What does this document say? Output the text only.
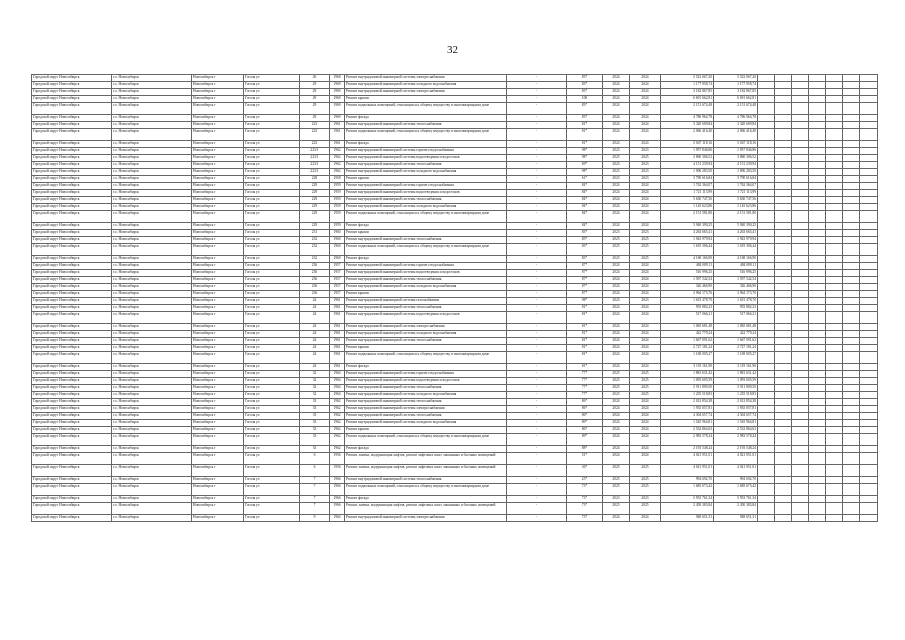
32
Городской округ Новосибирск	г.о. Новосибирск	Новосибирск г	Гоголя ул	26	1968	Ремонт внутридомовой инженерной системы электроснабжения	-	83*	2024	2024	5 523 067,20	5 523 067,20							
Городской округ Новосибирск	г.о. Новосибирск	Новосибирск г	Гоголя ул	29	1969	Ремонт внутридомовой инженерной системы холодного водоснабжения	-	83*	2024	2024	1 177 958,74	1 177 958,74							
Городской округ Новосибирск	г.о. Новосибирск	Новосибирск г	Гоголя ул	29	1969	Ремонт внутридомовой инженерной системы электроснабжения	-	83*	2024	2024	3 182 867,85	3 182 867,85							
Городской округ Новосибирск	г.о. Новосибирск	Новосибирск г	Гоголя ул	29	1969	Ремонт крыши	-	100	2024	2024	6 691 662,81	6 691 662,81							
Городской округ Новосибирск	г.о. Новосибирск	Новосибирск г	Гоголя ул	29	1969	Ремонт подвальных помещений, относящихся к общему имуществу в многоквартирном доме	-	83*	2024	2024	2 151 674,48	2 151 674,48							
Городской округ Новосибирск	г.о. Новосибирск	Новосибирск г	Гоголя ул	29	1969	Ремонт фасада	-	83*	2024	2024	4 786 964,78	4 786 964,78							
Городской округ Новосибирск	г.о. Новосибирск	Новосибирск г	Гоголя ул	223	1961	Ремонт внутридомовой инженерной системы теплоснабжения	-	81*	2024	2024	3 320 609,84	3 320 609,84							
Городской округ Новосибирск	г.о. Новосибирск	Новосибирск г	Гоголя ул	223	1961	Ремонт подвальных помещений, относящихся к общему имуществу в многоквартирном доме	-	81*	2024	2024	2 066 416,40	2 066 416,40							
Городской округ Новосибирск	г.о. Новосибирск	Новосибирск г	Гоголя ул	223	1961	Ремонт фасада	-	81*	2024	2024	5 047 118,16	5 047 118,16							
Городской округ Новосибирск	г.о. Новосибирск	Новосибирск г	Гоголя ул	223/1	1962	Ремонт внутридомовой инженерной системы горячего водоснабжения	-	98*	2023	2023	1 957 846,86	1 957 846,86							
Городской округ Новосибирск	г.о. Новосибирск	Новосибирск г	Гоголя ул	223/1	1962	Ремонт внутридомовой инженерной системы водоотведения и водостоков	-	98*	2025	2025	3 860 306,52	3 860 306,52							
Городской округ Новосибирск	г.о. Новосибирск	Новосибирск г	Гоголя ул	223/1	1962	Ремонт внутридомовой инженерной системы теплоснабжения	-	69*	2023	2023	4 151 239,94	4 151 239,94							
Городской округ Новосибирск	г.о. Новосибирск	Новосибирск г	Гоголя ул	223/1	1962	Ремонт внутридомовой инженерной системы холодного водоснабжения	-	98*	2023	2023	1 096 283,50	1 096 283,50							
Городской округ Новосибирск	г.о. Новосибирск	Новосибирск г	Гоголя ул	228	1958	Ремонт крыши	-	61*	2023	2023	3 790 616,84	3 790 616,84							
Городской округ Новосибирск	г.о. Новосибирск	Новосибирск г	Гоголя ул	229	1959	Ремонт внутридомовой инженерной системы горячего водоснабжения	-	84*	2024	2024	1 762 364,07	1 762 364,07							
Городской округ Новосибирск	г.о. Новосибирск	Новосибирск г	Гоголя ул	229	1959	Ремонт внутридомовой инженерной системы водоотведения и водостоков	-	84*	2024	2024	1 721 113,99	1 721 113,99							
Городской округ Новосибирск	г.о. Новосибирск	Новосибирск г	Гоголя ул	229	1959	Ремонт внутридомовой инженерной системы теплоснабжения	-	84*	2024	2024	5 630 747,56	5 630 747,56							
Городской округ Новосибирск	г.о. Новосибирск	Новосибирск г	Гоголя ул	229	1959	Ремонт внутридомовой инженерной системы холодного водоснабжения	-	84*	2024	2024	1 145 623,86	1 145 623,86							
Городской округ Новосибирск	г.о. Новосибирск	Новосибирск г	Гоголя ул	229	1959	Ремонт подвальных помещений, относящихся к общему имуществу в многоквартирном доме	-	84*	2024	2024	2 151 581,80	2 151 581,80							
Городской округ Новосибирск	г.о. Новосибирск	Новосибирск г	Гоголя ул	229	1959	Ремонт фасада	-	84*	2024	2024	5 940 390,25	5 940 390,25							
Городской округ Новосибирск	г.о. Новосибирск	Новосибирск г	Гоголя ул	231	1960	Ремонт крыши	-	83*	2023	2023	4 263 665,41	4 263 665,41							
Городской округ Новосибирск	г.о. Новосибирск	Новосибирск г	Гоголя ул	232	1960	Ремонт внутридомовой инженерной системы теплоснабжения	-	85*	2025	2025	1 943 979,94	1 943 979,94							
Городской округ Новосибирск	г.о. Новосибирск	Новосибирск г	Гоголя ул	232	1960	Ремонт подвальных помещений, относящихся к общему имуществу в многоквартирном доме	-	83*	2025	2025	1 619 306,44	1 619 306,44							
Городской округ Новосибирск	г.о. Новосибирск	Новосибирск г	Гоголя ул	232	1960	Ремонт фасада	-	83*	2025	2025	4 168 166,90	4 168 166,90							
Городской округ Новосибирск	г.о. Новосибирск	Новосибирск г	Гоголя ул	236	1957	Ремонт внутридомовой инженерной системы горячего водоснабжения	-	87*	2024	2024	484 089,11	484 089,11							
Городской округ Новосибирск	г.о. Новосибирск	Новосибирск г	Гоголя ул	236	1957	Ремонт внутридомовой инженерной системы водоотведения и водостоков	-	87*	2024	2024	516 996,25	516 996,25							
Городской округ Новосибирск	г.о. Новосибирск	Новосибирск г	Гоголя ул	236	1957	Ремонт внутридомовой инженерной системы теплоснабжения	-	87*	2024	2024	1 597 542,54	1 597 542,54							
Городской округ Новосибирск	г.о. Новосибирск	Новосибирск г	Гоголя ул	236	1957	Ремонт внутридомовой инженерной системы холодного водоснабжения	-	87*	2024	2024	326 466,90	326 466,90							
Городской округ Новосибирск	г.о. Новосибирск	Новосибирск г	Гоголя ул	236	1957	Ремонт крыши	-	87*	2024	2024	3 964 173,76	3 964 173,76							
Городской округ Новосибирск	г.о. Новосибирск	Новосибирск г	Гоголя ул	24	1961	Ремонт внутридомовой инженерной системы газоснабжения	-	98*	2023	2023	1 615 478,70	1 615 478,70							
Городской округ Новосибирск	г.о. Новосибирск	Новосибирск г	Гоголя ул	24	1961	Ремонт внутридомовой инженерной системы теплоснабжения	-	81*	2024	2024	955 882,23	955 882,23							
Городской округ Новосибирск	г.о. Новосибирск	Новосибирск г	Гоголя ул	24	1961	Ремонт внутридомовой инженерной системы водоотведения и водостоков	-	81*	2024	2024	517 066,21	517 066,21							
Городской округ Новосибирск	г.о. Новосибирск	Новосибирск г	Гоголя ул	24	1961	Ремонт внутридомовой инженерной системы электроснабжения	-	81*	2024	2024	1 065 681,48	1 065 681,48							
Городской округ Новосибирск	г.о. Новосибирск	Новосибирск г	Гоголя ул	24	1961	Ремонт внутридомовой инженерной системы холодного водоснабжения	-	81*	2024	2024	422 779,24	422 779,24							
Городской округ Новосибирск	г.о. Новосибирск	Новосибирск г	Гоголя ул	24	1961	Ремонт внутридомовой инженерной системы теплоснабжения	-	81*	2024	2024	1 667 091,62	1 667 091,62							
Городской округ Новосибирск	г.о. Новосибирск	Новосибирск г	Гоголя ул	24	1961	Ремонт крыши	-	81*	2024	2024	2 727 181,24	2 727 181,24							
Городской округ Новосибирск	г.о. Новосибирск	Новосибирск г	Гоголя ул	24	1961	Ремонт подвальных помещений, относящихся к общему имуществу в многоквартирном доме	-	81*	2024	2024	1 169 005,27	1 169 005,27							
Городской округ Новосибирск	г.о. Новосибирск	Новосибирск г	Гоголя ул	24	1961	Ремонт фасада	-	81*	2024	2024	3 119 161,90	3 119 161,90							
Городской округ Новосибирск	г.о. Новосибирск	Новосибирск г	Гоголя ул	32	1964	Ремонт внутридомовой инженерной системы горячего водоснабжения	-	77*	2025	2025	1 881 631,42	1 881 631,42							
Городской округ Новосибирск	г.о. Новосибирск	Новосибирск г	Гоголя ул	32	1964	Ремонт внутридомовой инженерной системы водоотведения и водостоков	-	77*	2025	2025	1 093 605,59	1 093 605,59							
Городской округ Новосибирск	г.о. Новосибирск	Новосибирск г	Гоголя ул	32	1964	Ремонт внутридомовой инженерной системы теплоснабжения	-	77*	2025	2025	5 911 809,50	5 911 809,50							
Городской округ Новосибирск	г.о. Новосибирск	Новосибирск г	Гоголя ул	32	1964	Ремонт внутридомовой инженерной системы холодного водоснабжения	-	77*	2025	2025	1 235 518,83	1 235 518,83							
Городской округ Новосибирск	г.о. Новосибирск	Новосибирск г	Гоголя ул	33	1962	Ремонт внутридомовой инженерной системы теплоснабжения	-	86*	2024	2024	2 012 854,38	2 012 854,38							
Городской округ Новосибирск	г.о. Новосибирск	Новосибирск г	Гоголя ул	33	1962	Ремонт внутридомовой инженерной системы электроснабжения	-	86*	2024	2024	1 935 057,81	1 935 057,81							
Городской округ Новосибирск	г.о. Новосибирск	Новосибирск г	Гоголя ул	33	1962	Ремонт внутридомовой инженерной системы теплоснабжения	-	86*	2024	2024	4 304 657,74	4 304 657,74							
Городской округ Новосибирск	г.о. Новосибирск	Новосибирск г	Гоголя ул	33	1962	Ремонт внутридомовой инженерной системы холодного водоснабжения	-	89*	2024	2024	1 545 964,81	1 545 964,81							
Городской округ Новосибирск	г.о. Новосибирск	Новосибирск г	Гоголя ул	33	1962	Ремонт крыши	-	86*	2024	2024	2 532 864,63	2 532 864,63							
Городской округ Новосибирск	г.о. Новосибирск	Новосибирск г	Гоголя ул	33	1962	Ремонт подвальных помещений, относящихся к общему имуществу в многоквартирном доме	-	89*	2024	2024	2 983 578,24	2 983 578,24							
Городской округ Новосибирск	г.о. Новосибирск	Новосибирск г	Гоголя ул	33	1962	Ремонт фасада	-	88*	2024	2024	2 193 548,24	2 193 548,24							
Городской округ Новосибирск	г.о. Новосибирск	Новосибирск г	Гоголя ул	6	1956	Ремонт, замена, модернизация лифтов, ремонт лифтовых шахт, машинных и блочных помещений	-	51*	2024	2024	4 021 951,01	4 021 951,01							
Городской округ Новосибирск	г.о. Новосибирск	Новосибирск г	Гоголя ул	6	1956	Ремонт, замена, модернизация лифтов, ремонт лифтовых шахт, машинных и блочных помещений	-	36*	2025	2025	4 021 951,01	4 021 951,01							
Городской округ Новосибирск	г.о. Новосибирск	Новосибирск г	Гоголя ул	7	1966	Ремонт внутридомовой инженерной системы теплоснабжения	-	25*	2025	2025	994 692,70	994 692,70							
Городской округ Новосибирск	г.о. Новосибирск	Новосибирск г	Гоголя ул	7	1966	Ремонт подвальных помещений, относящихся к общему имуществу в многоквартирном доме	-	73*	2025	2025	1 685 673,42	1 685 673,42							
Городской округ Новосибирск	г.о. Новосибирск	Новосибирск г	Гоголя ул	7	1966	Ремонт фасада	-	73*	2023	2023	5 953 761,34	5 953 761,34							
Городской округ Новосибирск	г.о. Новосибирск	Новосибирск г	Гоголя ул	7	1966	Ремонт, замена, модернизация лифтов, ремонт лифтовых шахт, машинных и блочных помещений	-	73*	2025	2025	2 450 383,84	2 450 383,84							
Городской округ Новосибирск	г.о. Новосибирск	Новосибирск г	Гоголя ул	9	1964	Ремонт внутридомовой инженерной системы электроснабжения	-	73*	2024	2024	948 651,31	948 651,31							
